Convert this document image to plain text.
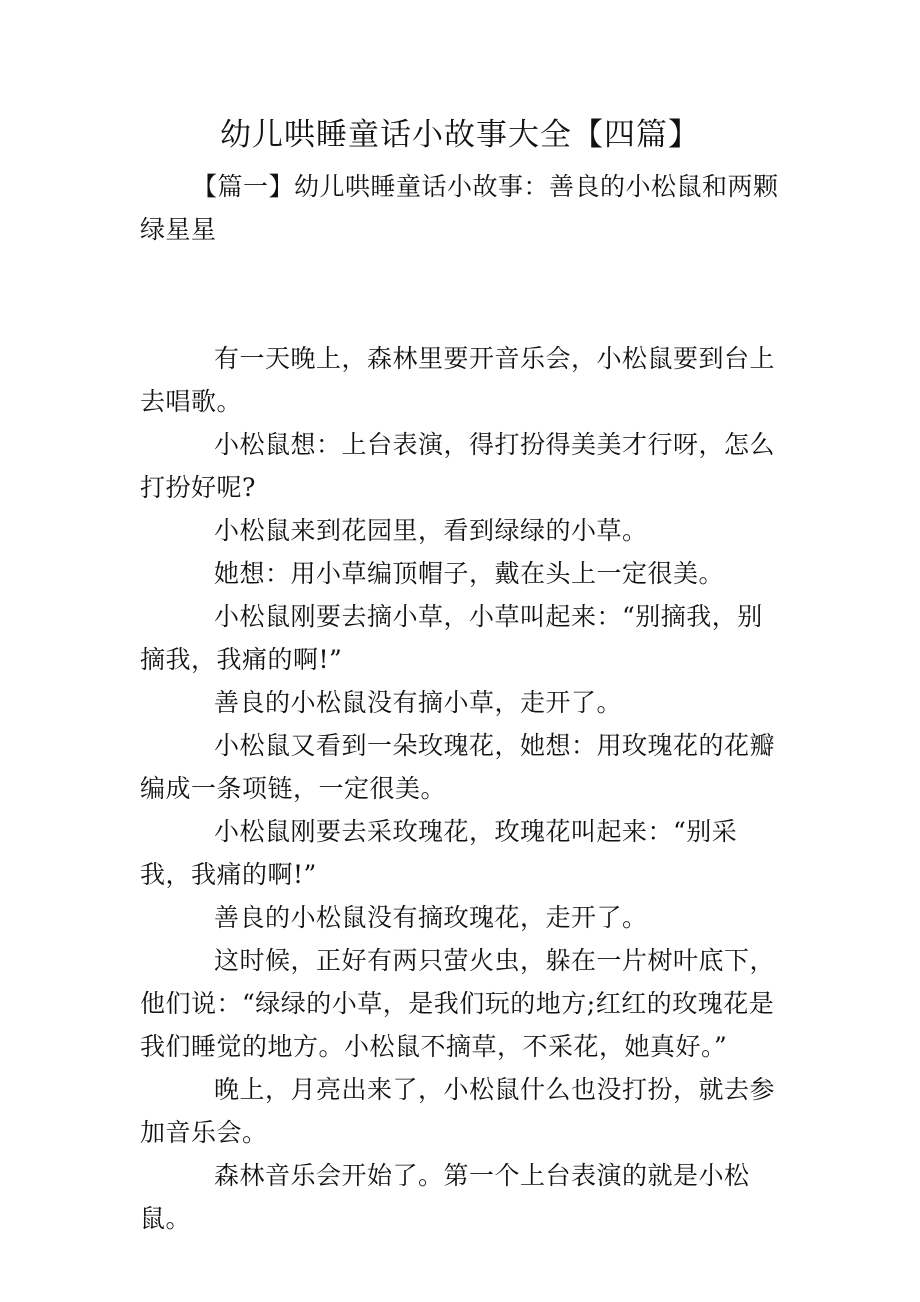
幼儿哄睡童话小故事大全【四篇】

【篇一】幼儿哄睡童话小故事：善良的小松鼠和两颗绿星星

有一天晚上，森林里要开音乐会，小松鼠要到台上去唱歌。

小松鼠想：上台表演，得打扮得美美才行呀，怎么打扮好呢?

小松鼠来到花园里，看到绿绿的小草。

她想：用小草编顶帽子，戴在头上一定很美。

小松鼠刚要去摘小草，小草叫起来：“别摘我，别摘我，我痛的啊!”

善良的小松鼠没有摘小草，走开了。

小松鼠又看到一朵玫瑰花，她想：用玫瑰花的花瓣编成一条项链，一定很美。

小松鼠刚要去采玫瑰花，玫瑰花叫起来：“别采我，我痛的啊!”

善良的小松鼠没有摘玫瑰花，走开了。

这时候，正好有两只萤火虫，躲在一片树叶底下，他们说：“绿绿的小草，是我们玩的地方;红红的玫瑰花是我们睡觉的地方。小松鼠不摘草，不采花，她真好。”

晚上，月亮出来了，小松鼠什么也没打扮，就去参加音乐会。

森林音乐会开始了。第一个上台表演的就是小松鼠。
